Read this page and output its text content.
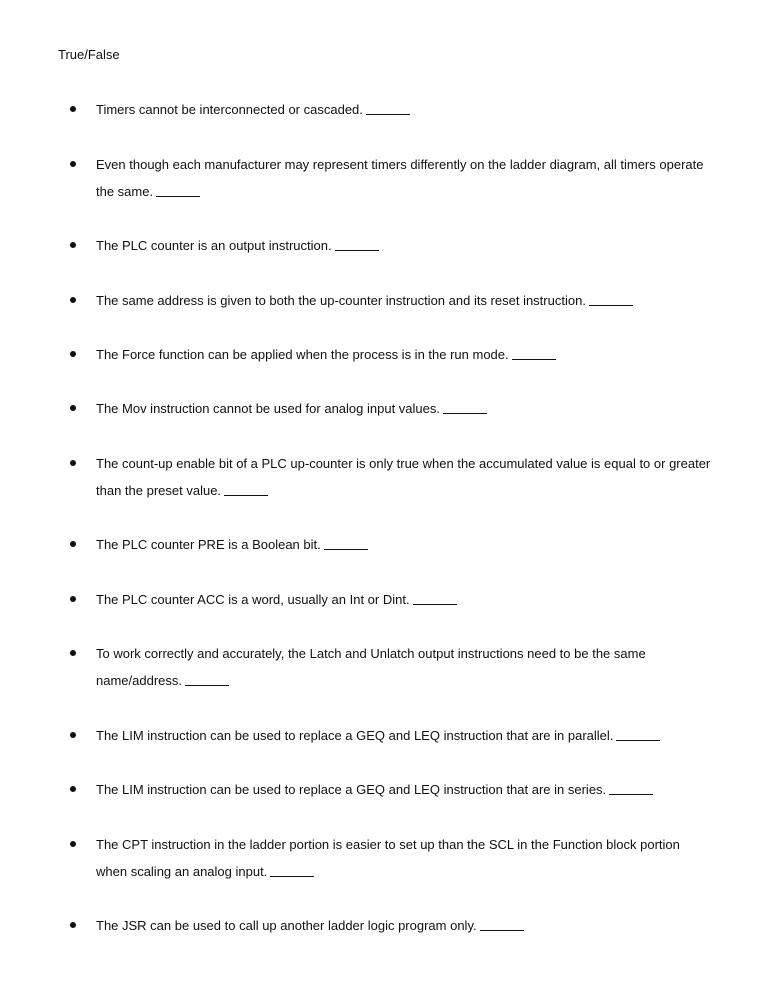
True/False
Timers cannot be interconnected or cascaded.
Even though each manufacturer may represent timers differently on the ladder diagram, all timers operate the same.
The PLC counter is an output instruction.
The same address is given to both the up-counter instruction and its reset instruction.
The Force function can be applied when the process is in the run mode.
The Mov instruction cannot be used for analog input values.
The count-up enable bit of a PLC up-counter is only true when the accumulated value is equal to or greater than the preset value.
The PLC counter PRE is a Boolean bit.
The PLC counter ACC is a word, usually an Int or Dint.
To work correctly and accurately, the Latch and Unlatch output instructions need to be the same name/address.
The LIM instruction can be used to replace a GEQ and LEQ instruction that are in parallel.
The LIM instruction can be used to replace a GEQ and LEQ instruction that are in series.
The CPT instruction in the ladder portion is easier to set up than the SCL in the Function block portion when scaling an analog input.
The JSR can be used to call up another ladder logic program only.
